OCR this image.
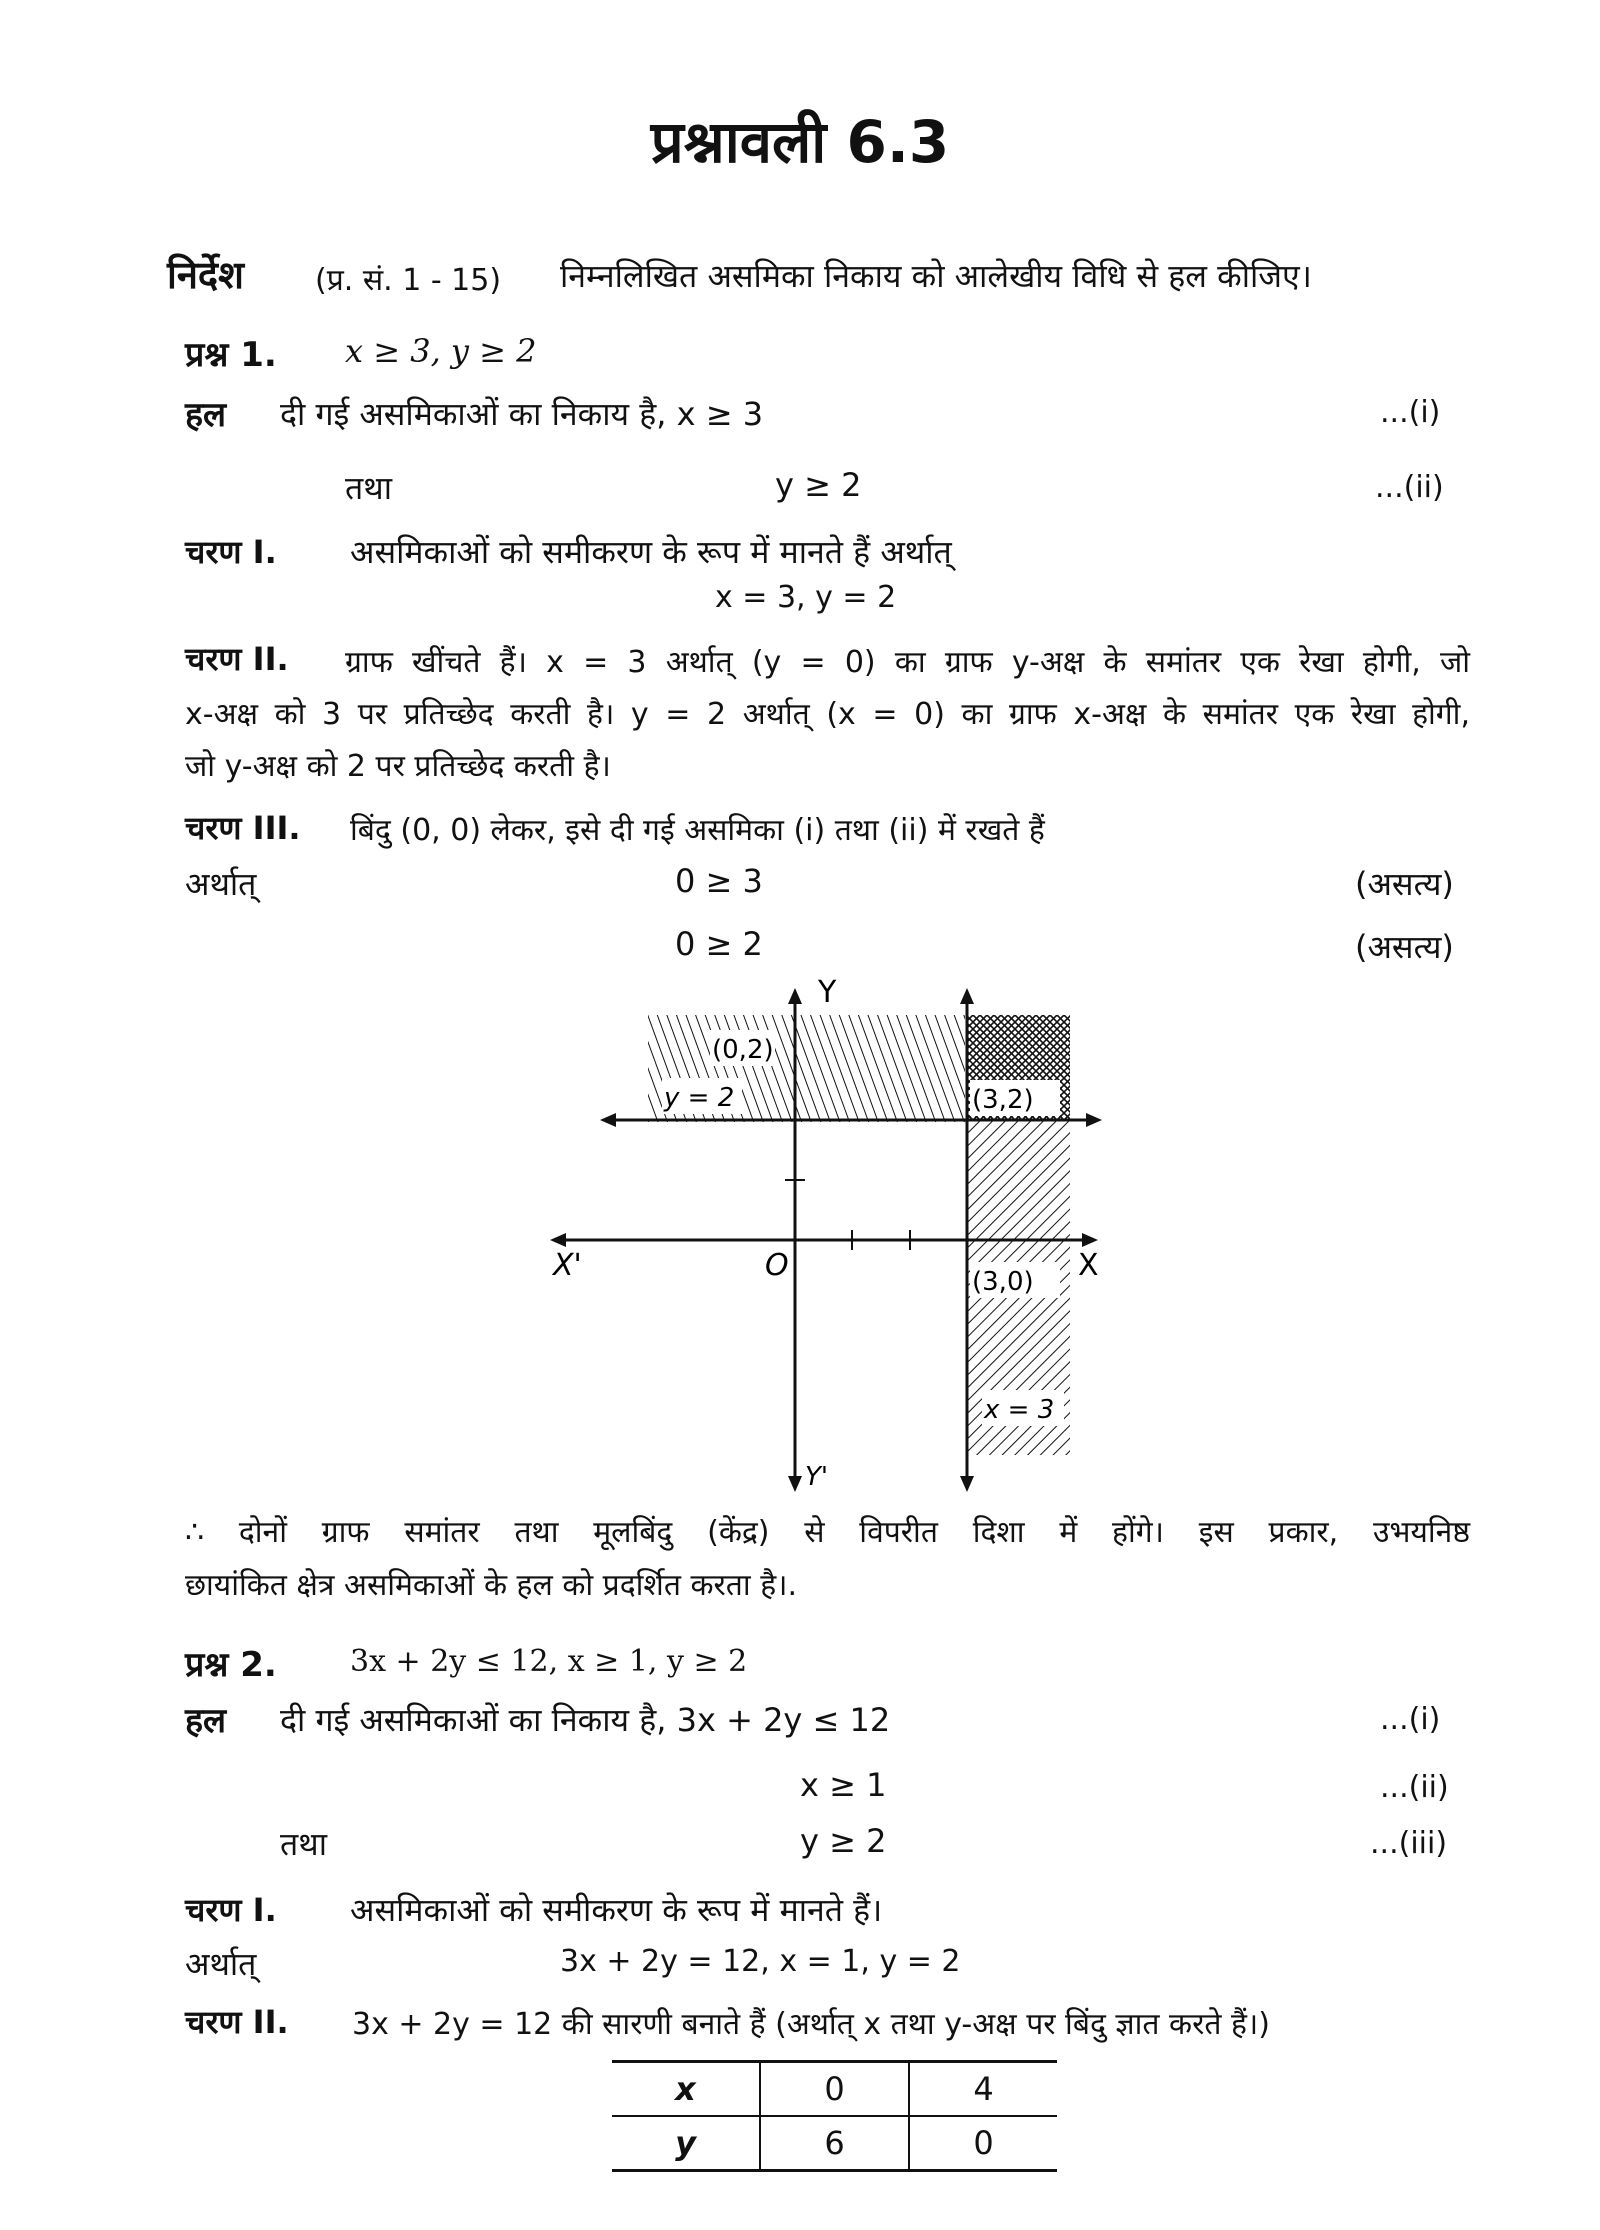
प्रश्नावली 6.3
निर्देश (प्र. सं. 1 - 15) निम्नलिखित असमिका निकाय को आलेखीय विधि से हल कीजिए।
प्रश्न 1. x ≥ 3, y ≥ 2
हल दी गई असमिकाओं का निकाय है, x ≥ 3	...(i)
तथा	y ≥ 2	...(ii)
चरण I. असमिकाओं को समीकरण के रूप में मानते हैं अर्थात्
x = 3, y = 2
चरण II. ग्राफ खींचते हैं। x = 3 अर्थात् (y = 0) का ग्राफ y-अक्ष के समांतर एक रेखा होगी, जो
x-अक्ष को 3 पर प्रतिच्छेद करती है। y = 2 अर्थात् (x = 0) का ग्राफ x-अक्ष के समांतर एक रेखा होगी,
जो y-अक्ष को 2 पर प्रतिच्छेद करती है।
चरण III. बिंदु (0, 0) लेकर, इसे दी गई असमिका (i) तथा (ii) में रखते हैं
अर्थात्	0 ≥ 3	(असत्य)
0 ≥ 2	(असत्य)
Y
Y'
X
X'	O
(0,2)
y = 2	(3,2)
(3,0)
x = 3
∴ दोनों ग्राफ समांतर तथा मूलबिंदु (केंद्र) से विपरीत दिशा में होंगे। इस प्रकार, उभयनिष्ठ
छायांकित क्षेत्र असमिकाओं के हल को प्रदर्शित करता है।.
प्रश्न 2. 3x + 2y ≤ 12, x ≥ 1, y ≥ 2
हल दी गई असमिकाओं का निकाय है, 3x + 2y ≤ 12	...(i)
x ≥ 1	...(ii)
तथा	y ≥ 2	...(iii)
चरण I. असमिकाओं को समीकरण के रूप में मानते हैं।
अर्थात्	3x + 2y = 12, x = 1, y = 2
चरण II. 3x + 2y = 12 की सारणी बनाते हैं (अर्थात् x तथा y-अक्ष पर बिंदु ज्ञात करते हैं।)
x	0	4
y	6	0
